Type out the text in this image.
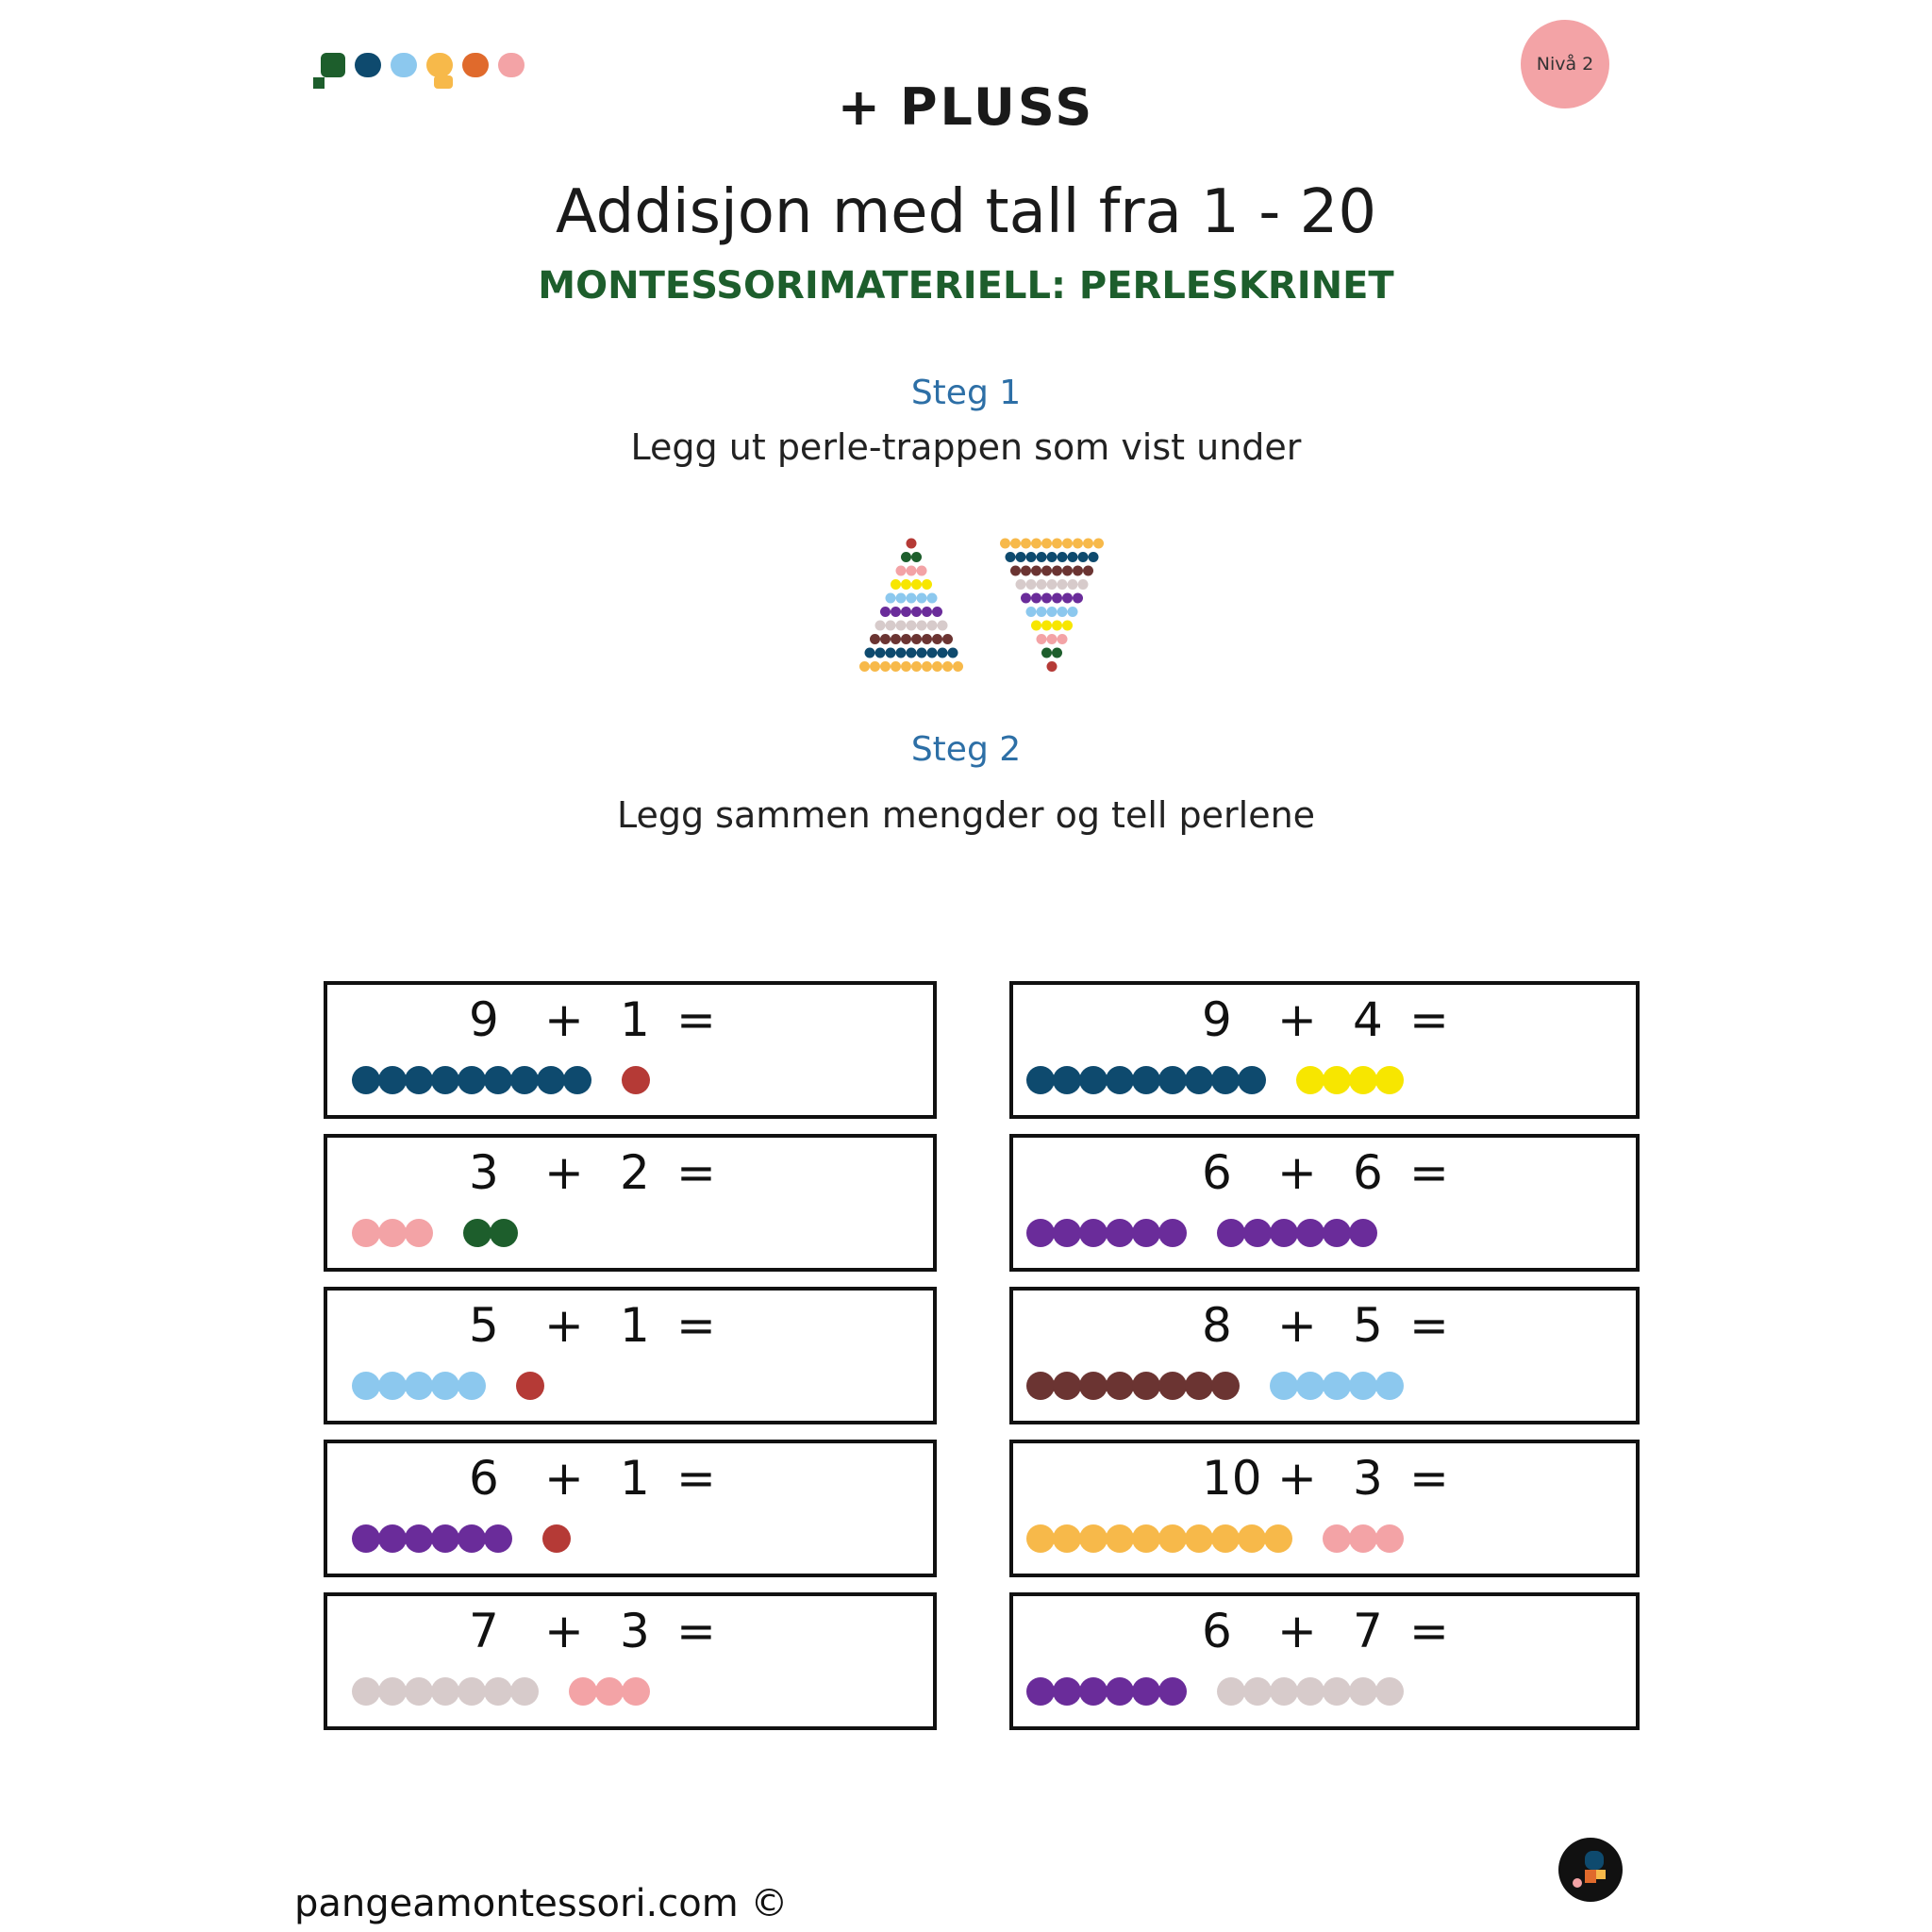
Nivå 2
+ PLUSS
Addisjon med tall fra 1 - 20
MONTESSORIMATERIELL: PERLESKRINET
Steg 1
Legg ut perle-trappen som vist under
Steg 2
Legg sammen mengder og tell perlene
9 + 1 =	9 + 4 =
3 + 2 =	6 + 6 =
5 + 1 =	8 + 5 =
6 + 1 =	10 + 3 =
7 + 3 =	6 + 7 =
pangeamontessori.com ©
